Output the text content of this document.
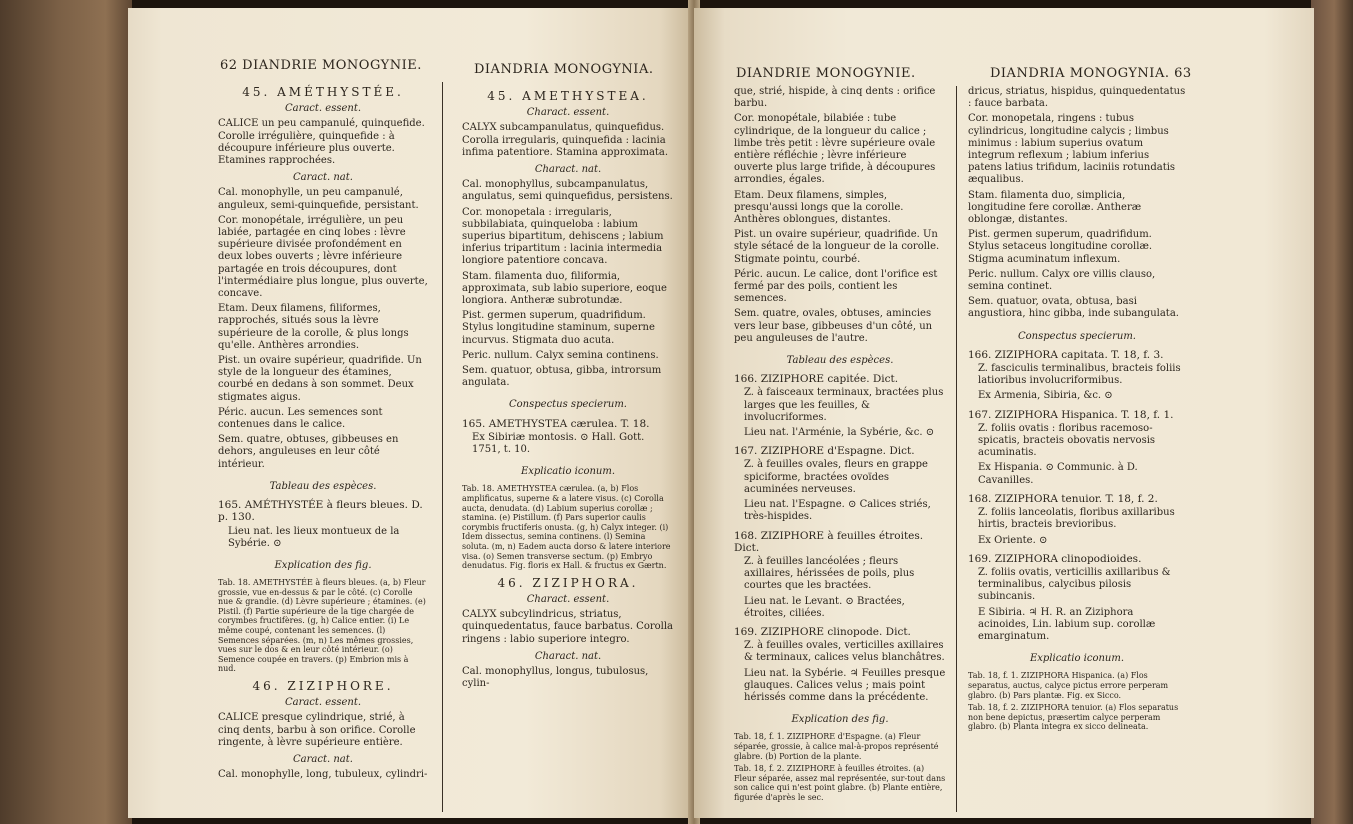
62 DIANDRIE MONOGYNIE.	DIANDRIA MONOGYNIA.
45. AMÉTHYSTÉE.
Caract. essent.

CALICE un peu campanulé, quinquefide. Corolle irrégulière, quinquefide : à découpure inférieure plus ouverte. Etamines rapprochées.

Caract. nat.

Cal. monophylle, un peu campanulé, anguleux, semi-quinquefide, persistant.

Cor. monopétale, irrégulière, un peu labiée, partagée en cinq lobes : lèvre supérieure divisée profondément en deux lobes ouverts ; lèvre inférieure partagée en trois découpures, dont l'intermédiaire plus longue, plus ouverte, concave.

Etam. Deux filamens, filiformes, rapprochés, situés sous la lèvre supérieure de la corolle, & plus longs qu'elle. Anthères arrondies.

Pist. un ovaire supérieur, quadrifide. Un style de la longueur des étamines, courbé en dedans à son sommet. Deux stigmates aigus.

Péric. aucun. Les semences sont contenues dans le calice.

Sem. quatre, obtuses, gibbeuses en dehors, anguleuses en leur côté intérieur.

Tableau des espèces.
165. AMÉTHYSTÉE à fleurs bleues. D. p. 130.

Lieu nat. les lieux montueux de la Sybérie. ⊙

Explication des fig.

Tab. 18. AMETHYSTÉE à fleurs bleues. (a, b) Fleur grossie, vue en-dessus & par le côté. (c) Corolle nue & grandie. (d) Lèvre supérieure ; étamines. (e) Pistil. (f) Partie supérieure de la tige chargée de corymbes fructifères. (g, h) Calice entier. (i) Le même coupé, contenant les semences. (l) Semences séparées. (m, n) Les mêmes grossies, vues sur le dos & en leur côté intérieur. (o) Semence coupée en travers. (p) Embrion mis à nud.

46. ZIZIPHORE.
Caract. essent.

CALICE presque cylindrique, strié, à cinq dents, barbu à son orifice. Corolle ringente, à lèvre supérieure entière.

Caract. nat.

Cal. monophylle, long, tubuleux, cylindri-

45. AMETHYSTEA.
Charact. essent.

CALYX subcampanulatus, quinquefidus. Corolla irregularis, quinquefida : lacinia infima patentiore. Stamina approximata.

Charact. nat.

Cal. monophyllus, subcampanulatus, angulatus, semi quinquefidus, persistens.

Cor. monopetala : irregularis, subbilabiata, quinqueloba : labium superius bipartitum, dehiscens ; labium inferius tripartitum : lacinia intermedia longiore patentiore concava.

Stam. filamenta duo, filiformia, approximata, sub labio superiore, eoque longiora. Antheræ subrotundæ.

Pist. germen superum, quadrifidum. Stylus longitudine staminum, superne incurvus. Stigmata duo acuta.

Peric. nullum. Calyx semina continens.

Sem. quatuor, obtusa, gibba, introrsum angulata.

Conspectus specierum.
165. AMETHYSTEA cærulea. T. 18.

Ex Sibiriæ montosis. ⊙ Hall. Gott. 1751, t. 10.

Explicatio iconum.

Tab. 18. AMETHYSTEA cærulea. (a, b) Flos amplificatus, superne & a latere visus. (c) Corolla aucta, denudata. (d) Labium superius corollæ ; stamina. (e) Pistillum. (f) Pars superior caulis corymbis fructiferis onusta. (g, h) Calyx integer. (i) Idem dissectus, semina continens. (l) Semina soluta. (m, n) Eadem aucta dorso & latere interiore visa. (o) Semen transverse sectum. (p) Embryo denudatus. Fig. floris ex Hall. & fructus ex Gærtn.

46. ZIZIPHORA.
Charact. essent.

CALYX subcylindricus, striatus, quinquedentatus, fauce barbatus. Corolla ringens : labio superiore integro.

Charact. nat.

Cal. monophyllus, longus, tubulosus, cylin-

DIANDRIE MONOGYNIE.	DIANDRIA MONOGYNIA. 63

que, strié, hispide, à cinq dents : orifice barbu.

Cor. monopétale, bilabiée : tube cylindrique, de la longueur du calice ; limbe très petit : lèvre supérieure ovale entière réfléchie ; lèvre inférieure ouverte plus large trifide, à découpures arrondies, égales.

Etam. Deux filamens, simples, presqu'aussi longs que la corolle. Anthères oblongues, distantes.

Pist. un ovaire supérieur, quadrifide. Un style sétacé de la longueur de la corolle. Stigmate pointu, courbé.

Péric. aucun. Le calice, dont l'orifice est fermé par des poils, contient les semences.

Sem. quatre, ovales, obtuses, amincies vers leur base, gibbeuses d'un côté, un peu anguleuses de l'autre.

Tableau des espèces.
166. ZIZIPHORE capitée. Dict.

Z. à faisceaux terminaux, bractées plus larges que les feuilles, & involucriformes.

Lieu nat. l'Arménie, la Sybérie, &c. ⊙

167. ZIZIPHORE d'Espagne. Dict.

Z. à feuilles ovales, fleurs en grappe spiciforme, bractées ovoïdes acuminées nerveuses.

Lieu nat. l'Espagne. ⊙ Calices striés, très-hispides.

168. ZIZIPHORE à feuilles étroites. Dict.

Z. à feuilles lancéolées ; fleurs axillaires, hérissées de poils, plus courtes que les bractées.

Lieu nat. le Levant. ⊙ Bractées, étroites, ciliées.

169. ZIZIPHORE clinopode. Dict.

Z. à feuilles ovales, verticilles axillaires & terminaux, calices velus blanchâtres.

Lieu nat. la Sybérie. ♃ Feuilles presque glauques. Calices velus ; mais point hérissés comme dans la précédente.

Explication des fig.

Tab. 18, f. 1. ZIZIPHORE d'Espagne. (a) Fleur séparée, grossie, à calice mal-à-propos représenté glabre. (b) Portion de la plante.

Tab. 18, f. 2. ZIZIPHORE à feuilles étroites. (a) Fleur séparée, assez mal représentée, sur-tout dans son calice qui n'est point glabre. (b) Plante entière, figurée d'après le sec.

dricus, striatus, hispidus, quinquedentatus : fauce barbata.

Cor. monopetala, ringens : tubus cylindricus, longitudine calycis ; limbus minimus : labium superius ovatum integrum reflexum ; labium inferius patens latius trifidum, laciniis rotundatis æqualibus.

Stam. filamenta duo, simplicia, longitudine fere corollæ. Antheræ oblongæ, distantes.

Pist. germen superum, quadrifidum. Stylus setaceus longitudine corollæ. Stigma acuminatum inflexum.

Peric. nullum. Calyx ore villis clauso, semina continet.

Sem. quatuor, ovata, obtusa, basi angustiora, hinc gibba, inde subangulata.

Conspectus specierum.
166. ZIZIPHORA capitata. T. 18, f. 3.

Z. fasciculis terminalibus, bracteis foliis latioribus involucriformibus.

Ex Armenia, Sibiria, &c. ⊙

167. ZIZIPHORA Hispanica. T. 18, f. 1.

Z. foliis ovatis : floribus racemoso-spicatis, bracteis obovatis nervosis acuminatis.

Ex Hispania. ⊙ Communic. à D. Cavanilles.

168. ZIZIPHORA tenuior. T. 18, f. 2.

Z. foliis lanceolatis, floribus axillaribus hirtis, bracteis brevioribus.

Ex Oriente. ⊙

169. ZIZIPHORA clinopodioides.

Z. foliis ovatis, verticillis axillaribus & terminalibus, calycibus pilosis subincanis.

E Sibiria. ♃ H. R. an Ziziphora acinoides, Lin. labium sup. corollæ emarginatum.

Explicatio iconum.

Tab. 18, f. 1. ZIZIPHORA Hispanica. (a) Flos separatus, auctus, calyce pictus errore perperam glabro. (b) Pars plantæ. Fig. ex Sicco.

Tab. 18, f. 2. ZIZIPHORA tenuior. (a) Flos separatus non bene depictus, præsertim calyce perperam glabro. (b) Planta integra ex sicco delineata.
